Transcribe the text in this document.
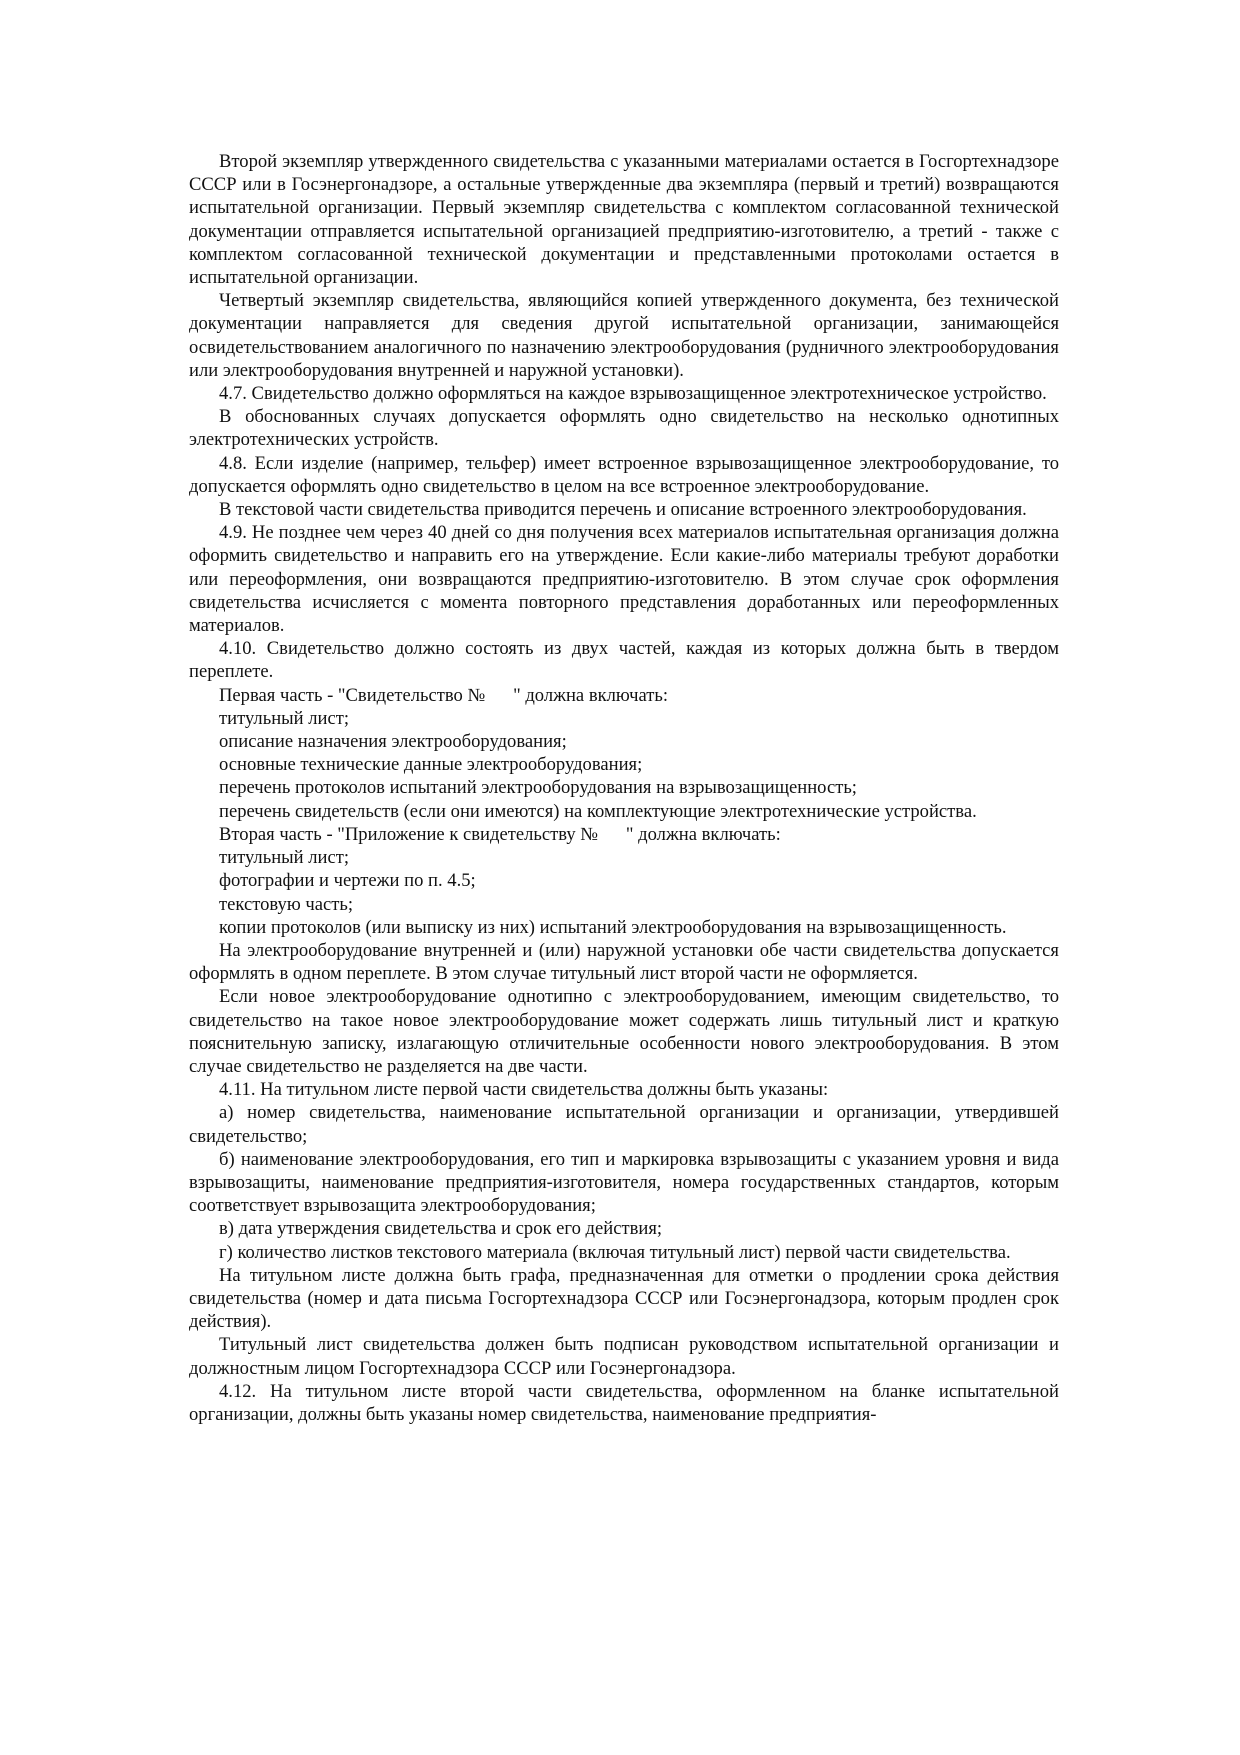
Второй экземпляр утвержденного свидетельства с указанными материалами остается в Госгортехнадзоре СССР или в Госэнергонадзоре, а остальные утвержденные два экземпляра (первый и третий) возвращаются испытательной организации. Первый экземпляр свидетельства с комплектом согласованной технической документации отправляется испытательной организацией предприятию-изготовителю, а третий - также с комплектом согласованной технической документации и представленными протоколами остается в испытательной организации.

Четвертый экземпляр свидетельства, являющийся копией утвержденного документа, без технической документации направляется для сведения другой испытательной организации, занимающейся освидетельствованием аналогичного по назначению электрооборудования (рудничного электрооборудования или электрооборудования внутренней и наружной установки).

4.7. Свидетельство должно оформляться на каждое взрывозащищенное электротехническое устройство.

В обоснованных случаях допускается оформлять одно свидетельство на несколько однотипных электротехнических устройств.

4.8. Если изделие (например, тельфер) имеет встроенное взрывозащищенное электрооборудование, то допускается оформлять одно свидетельство в целом на все встроенное электрооборудование.

В текстовой части свидетельства приводится перечень и описание встроенного электрооборудования.

4.9. Не позднее чем через 40 дней со дня получения всех материалов испытательная организация должна оформить свидетельство и направить его на утверждение. Если какие-либо материалы требуют доработки или переоформления, они возвращаются предприятию-изготовителю. В этом случае срок оформления свидетельства исчисляется с момента повторного представления доработанных или переоформленных материалов.

4.10. Свидетельство должно состоять из двух частей, каждая из которых должна быть в твердом переплете.

Первая часть - "Свидетельство №      " должна включать:

титульный лист;

описание назначения электрооборудования;

основные технические данные электрооборудования;

перечень протоколов испытаний электрооборудования на взрывозащищенность;

перечень свидетельств (если они имеются) на комплектующие электротехнические устройства.

Вторая часть - "Приложение к свидетельству №      " должна включать:

титульный лист;

фотографии и чертежи по п. 4.5;

текстовую часть;

копии протоколов (или выписку из них) испытаний электрооборудования на взрывозащищенность.

На электрооборудование внутренней и (или) наружной установки обе части свидетельства допускается оформлять в одном переплете. В этом случае титульный лист второй части не оформляется.

Если новое электрооборудование однотипно с электрооборудованием, имеющим свидетельство, то свидетельство на такое новое электрооборудование может содержать лишь титульный лист и краткую пояснительную записку, излагающую отличительные особенности нового электрооборудования. В этом случае свидетельство не разделяется на две части.

4.11. На титульном листе первой части свидетельства должны быть указаны:

а) номер свидетельства, наименование испытательной организации и организации, утвердившей свидетельство;

б) наименование электрооборудования, его тип и маркировка взрывозащиты с указанием уровня и вида взрывозащиты, наименование предприятия-изготовителя, номера государственных стандартов, которым соответствует взрывозащита электрооборудования;

в) дата утверждения свидетельства и срок его действия;

г) количество листков текстового материала (включая титульный лист) первой части свидетельства.

На титульном листе должна быть графа, предназначенная для отметки о продлении срока действия свидетельства (номер и дата письма Госгортехнадзора СССР или Госэнергонадзора, которым продлен срок действия).

Титульный лист свидетельства должен быть подписан руководством испытательной организации и должностным лицом Госгортехнадзора СССР или Госэнергонадзора.

4.12. На титульном листе второй части свидетельства, оформленном на бланке испытательной организации, должны быть указаны номер свидетельства, наименование предприятия-
